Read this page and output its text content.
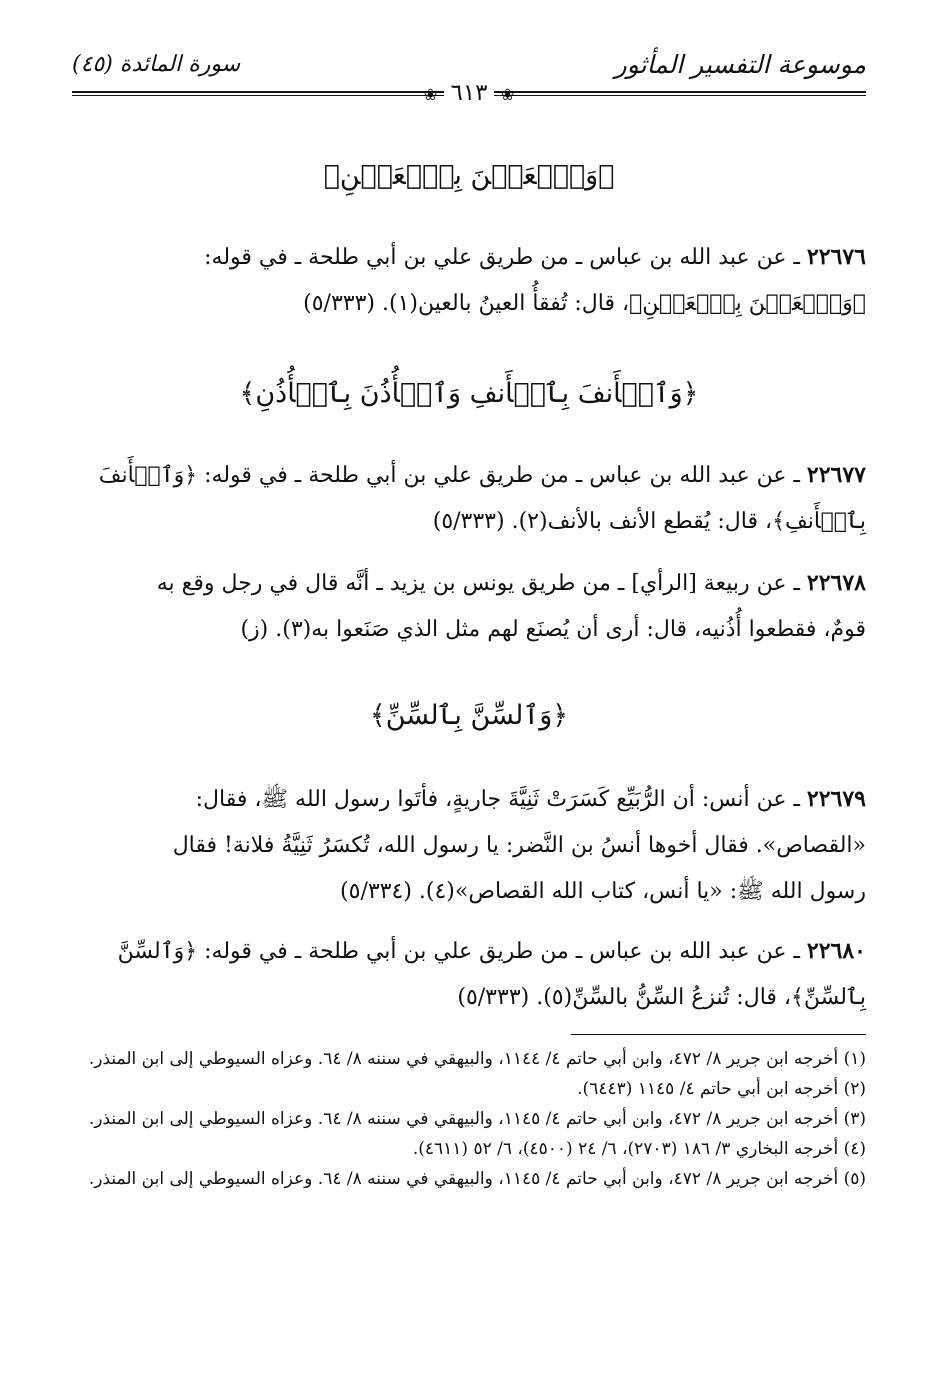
موسوعة التفسير المأثور
سورة المائدة (٤٥)
❀ ٦١٣ ❀
﴿وَٱلۡعَيۡنَ بِٱلۡعَيۡنِ﴾
٢٢٦٧٦ ـ عن عبد الله بن عباس ـ من طريق علي بن أبي طلحة ـ في قوله:
﴿وَٱلۡعَيۡنَ بِٱلۡعَيۡنِ﴾، قال: تُفقأُ العينُ بالعين(١). (٥/٣٣٣)
﴿وَٱلۡأَنفَ بِٱلۡأَنفِ وَٱلۡأُذُنَ بِٱلۡأُذُنِ﴾
٢٢٦٧٧ ـ عن عبد الله بن عباس ـ من طريق علي بن أبي طلحة ـ في قوله: ﴿وَٱلۡأَنفَ
بِٱلۡأَنفِ﴾، قال: يُقطع الأنف بالأنف(٢). (٥/٣٣٣)
٢٢٦٧٨ ـ عن ربيعة [الرأي] ـ من طريق يونس بن يزيد ـ أنَّه قال في رجل وقع به
قومٌ، فقطعوا أُذُنيه، قال: أرى أن يُصنَع لهم مثل الذي صَنَعوا به(٣). (ز)
﴿وَٱلسِّنَّ بِٱلسِّنِّ﴾
٢٢٦٧٩ ـ عن أنس: أن الرُّبَيِّع كَسَرَتْ ثَنِيَّةَ جاريةٍ، فأتَوا رسول الله ﷺ، فقال:
«القصاص». فقال أخوها أنسُ بن النَّضر: يا رسول الله، تُكسَرُ ثَنِيَّةُ فلانة! فقال
رسول الله ﷺ: «يا أنس، كتاب الله القصاص»(٤). (٥/٣٣٤)
٢٢٦٨٠ ـ عن عبد الله بن عباس ـ من طريق علي بن أبي طلحة ـ في قوله: ﴿وَٱلسِّنَّ
بِٱلسِّنِّ﴾، قال: تُنزعُ السِّنُّ بالسِّنِّ(٥). (٥/٣٣٣)

(١) أخرجه ابن جرير ٨/ ٤٧٢، وابن أبي حاتم ٤/ ١١٤٤، والبيهقي في سننه ٨/ ٦٤. وعزاه السيوطي إلى ابن المنذر.

(٢) أخرجه ابن أبي حاتم ٤/ ١١٤٥ (٦٤٤٣).

(٣) أخرجه ابن جرير ٨/ ٤٧٢، وابن أبي حاتم ٤/ ١١٤٥، والبيهقي في سننه ٨/ ٦٤. وعزاه السيوطي إلى ابن المنذر.

(٤) أخرجه البخاري ٣/ ١٨٦ (٢٧٠٣)، ٦/ ٢٤ (٤٥٠٠)، ٦/ ٥٢ (٤٦١١).

(٥) أخرجه ابن جرير ٨/ ٤٧٢، وابن أبي حاتم ٤/ ١١٤٥، والبيهقي في سننه ٨/ ٦٤. وعزاه السيوطي إلى ابن المنذر.
